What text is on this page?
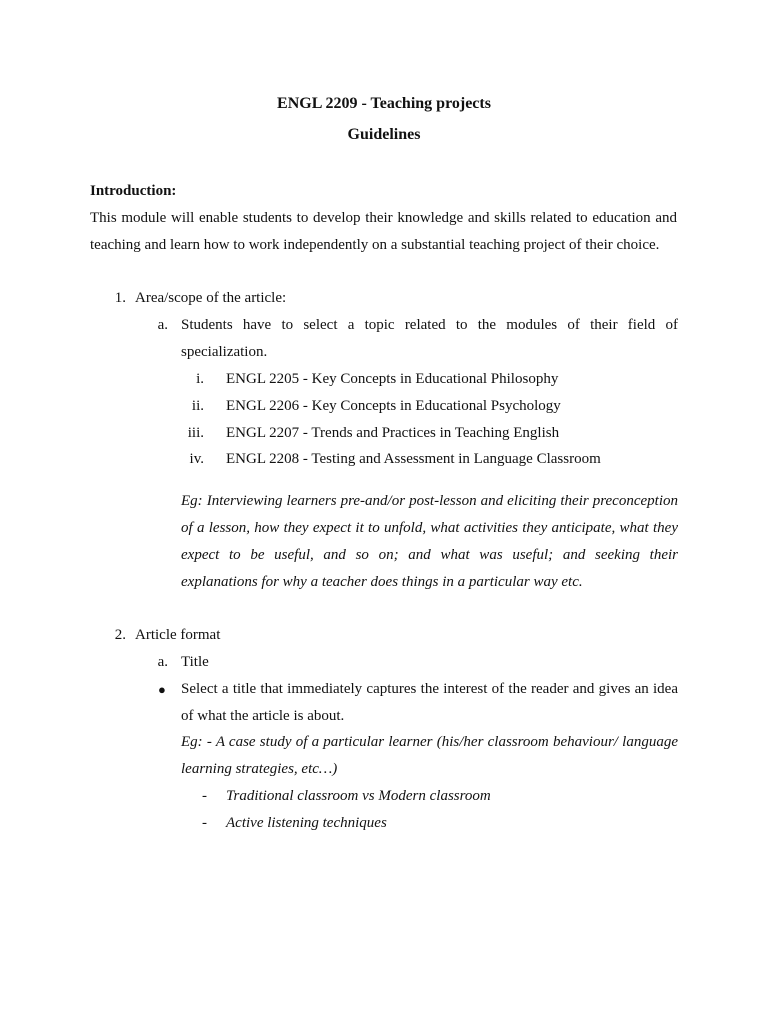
ENGL 2209 - Teaching projects
Guidelines
Introduction:
This module will enable students to develop their knowledge and skills related to education and teaching and learn how to work independently on a substantial teaching project of their choice.
1. Area/scope of the article:
a. Students have to select a topic related to the modules of their field of specialization.
i. ENGL 2205 - Key Concepts in Educational Philosophy
ii. ENGL 2206 - Key Concepts in Educational Psychology
iii. ENGL 2207 - Trends and Practices in Teaching English
iv. ENGL 2208 - Testing and Assessment in Language Classroom
Eg: Interviewing learners pre-and/or post-lesson and eliciting their preconception of a lesson, how they expect it to unfold, what activities they anticipate, what they expect to be useful, and so on; and what was useful; and seeking their explanations for why a teacher does things in a particular way etc.
2. Article format
a. Title
● Select a title that immediately captures the interest of the reader and gives an idea of what the article is about.
Eg: - A case study of a particular learner (his/her classroom behaviour/ language learning strategies, etc…)
- Traditional classroom vs Modern classroom
- Active listening techniques
